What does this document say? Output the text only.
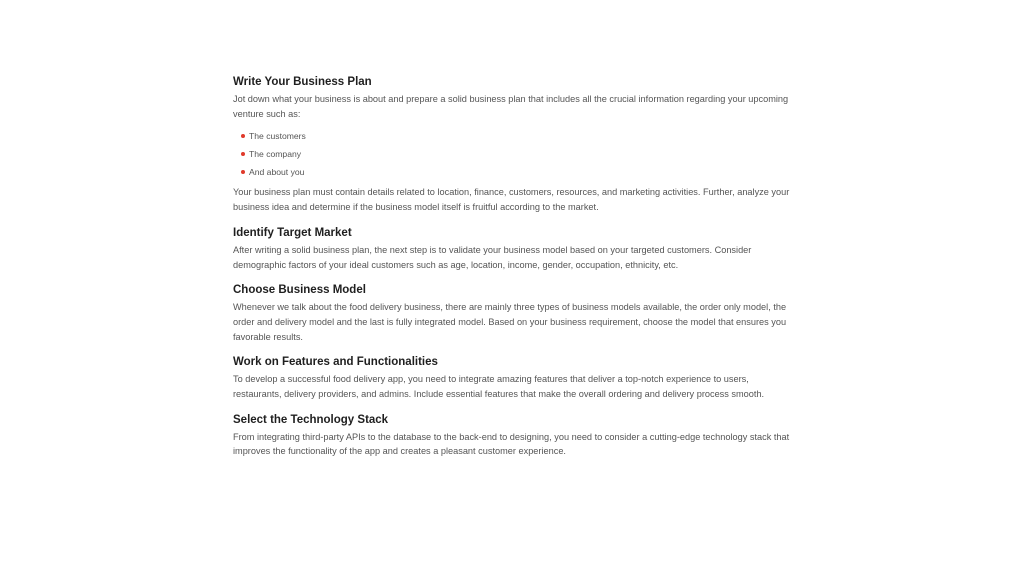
Write Your Business Plan

Jot down what your business is about and prepare a solid business plan that includes all the crucial information regarding your upcoming venture such as:

The customers
The company
And about you

Your business plan must contain details related to location, finance, customers, resources, and marketing activities. Further, analyze your business idea and determine if the business model itself is fruitful according to the market.

Identify Target Market

After writing a solid business plan, the next step is to validate your business model based on your targeted customers. Consider demographic factors of your ideal customers such as age, location, income, gender, occupation, ethnicity, etc.

Choose Business Model

Whenever we talk about the food delivery business, there are mainly three types of business models available, the order only model, the order and delivery model and the last is fully integrated model. Based on your business requirement, choose the model that ensures you favorable results.

Work on Features and Functionalities

To develop a successful food delivery app, you need to integrate amazing features that deliver a top-notch experience to users, restaurants, delivery providers, and admins. Include essential features that make the overall ordering and delivery process smooth.

Select the Technology Stack

From integrating third-party APIs to the database to the back-end to designing, you need to consider a cutting-edge technology stack that improves the functionality of the app and creates a pleasant customer experience.
